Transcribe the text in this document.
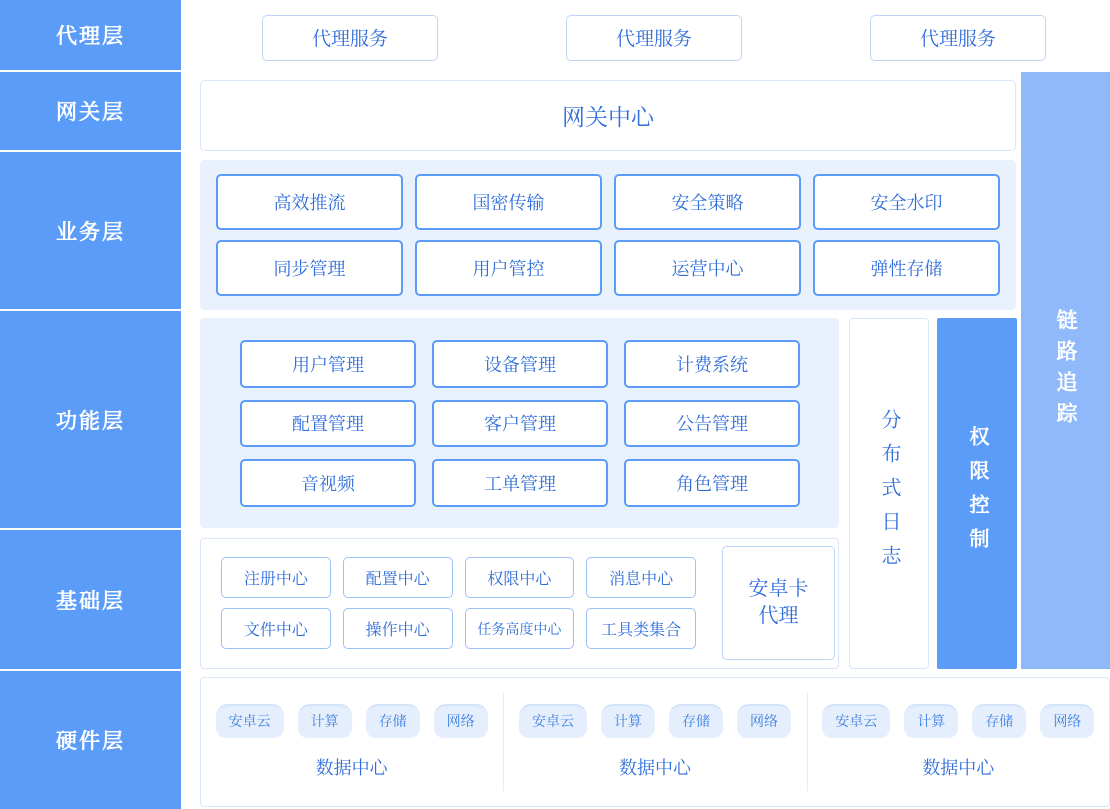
代理层
网关层
业务层
功能层
基础层
硬件层
代理服务	代理服务	代理服务
网关中心
链路追踪
高效推流	国密传输	安全策略	安全水印
同步管理	用户管控	运营中心	弹性存储
用户管理	设备管理	计费系统
配置管理	客户管理	公告管理
音视频	工单管理	角色管理	分布式日志	权限控制
注册中心	配置中心	权限中心	消息中心
文件中心	操作中心	任务高度中心	工具类集合
安卓卡
代理
安卓云	计算	存储	网络
数据中心
安卓云	计算	存储	网络
数据中心
安卓云	计算	存储	网络
数据中心
